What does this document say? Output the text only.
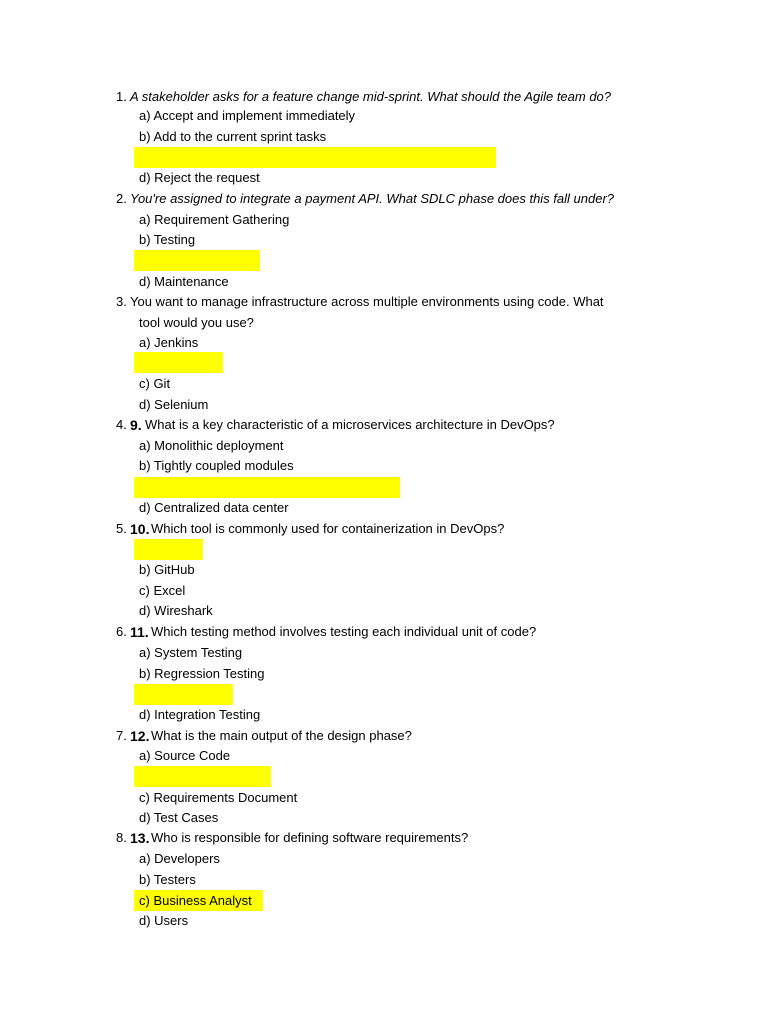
1. A stakeholder asks for a feature change mid-sprint. What should the Agile team do?
a) Accept and implement immediately
b) Add to the current sprint tasks
d) Reject the request
2. You're assigned to integrate a payment API. What SDLC phase does this fall under?
a) Requirement Gathering
b) Testing
d) Maintenance
3. You want to manage infrastructure across multiple environments using code. What
tool would you use?
a) Jenkins
c) Git
d) Selenium
4. 9. What is a key characteristic of a microservices architecture in DevOps?
a) Monolithic deployment
b) Tightly coupled modules
d) Centralized data center
5. 10. Which tool is commonly used for containerization in DevOps?
b) GitHub
c) Excel
d) Wireshark
6. 11. Which testing method involves testing each individual unit of code?
a) System Testing
b) Regression Testing
d) Integration Testing
7. 12. What is the main output of the design phase?
a) Source Code
c) Requirements Document
d) Test Cases
8. 13. Who is responsible for defining software requirements?
a) Developers
b) Testers
c) Business Analyst
d) Users
